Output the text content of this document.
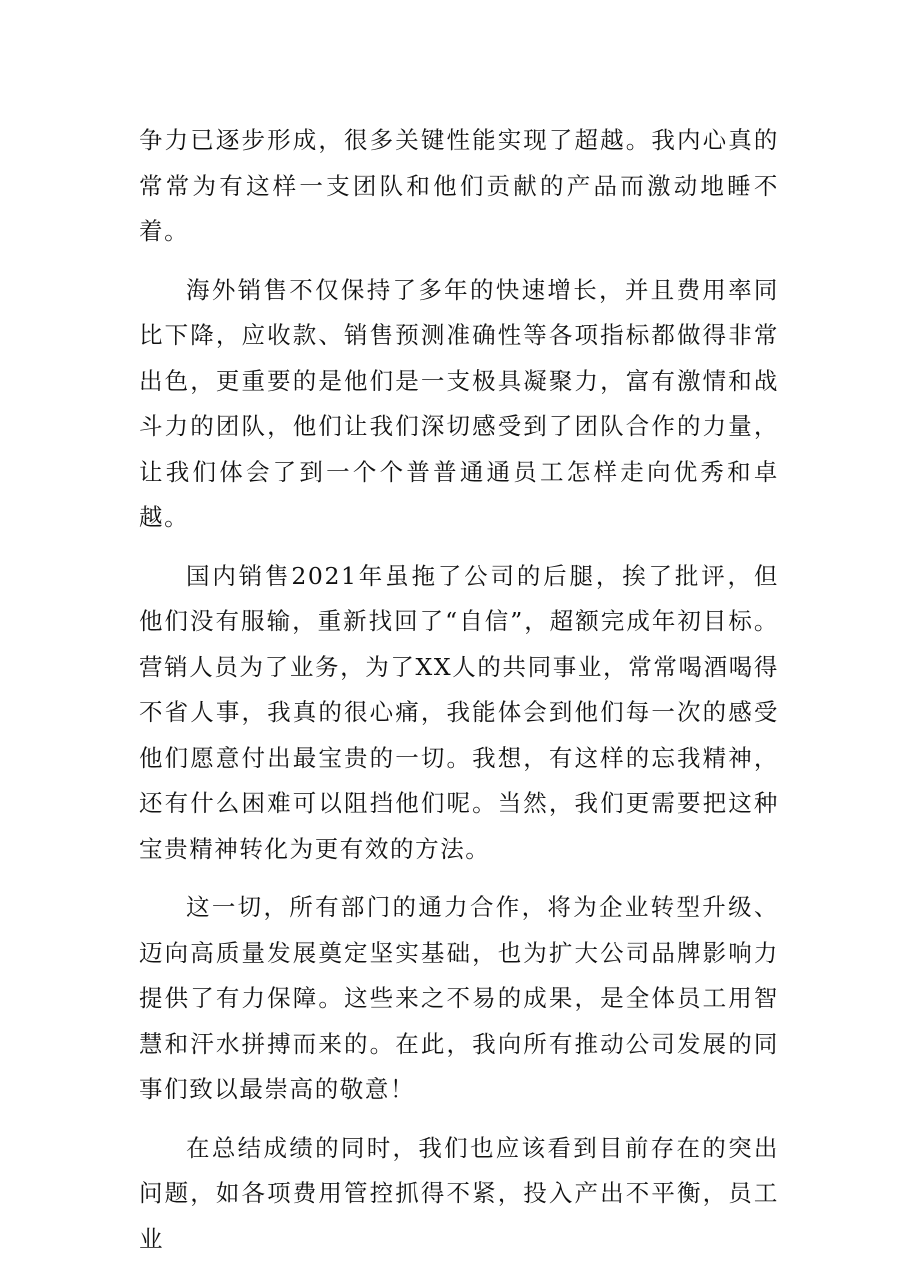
争力已逐步形成，很多关键性能实现了超越。我内心真的常常为有这样一支团队和他们贡献的产品而激动地睡不着。

海外销售不仅保持了多年的快速增长，并且费用率同比下降，应收款、销售预测准确性等各项指标都做得非常出色，更重要的是他们是一支极具凝聚力，富有激情和战斗力的团队，他们让我们深切感受到了团队合作的力量，让我们体会了到一个个普普通通员工怎样走向优秀和卓越。

国内销售2021年虽拖了公司的后腿，挨了批评，但他们没有服输，重新找回了“自信”，超额完成年初目标。营销人员为了业务，为了XX人的共同事业，常常喝酒喝得不省人事，我真的很心痛，我能体会到他们每一次的感受他们愿意付出最宝贵的一切。我想，有这样的忘我精神，还有什么困难可以阻挡他们呢。当然，我们更需要把这种宝贵精神转化为更有效的方法。

这一切，所有部门的通力合作，将为企业转型升级、迈向高质量发展奠定坚实基础，也为扩大公司品牌影响力提供了有力保障。这些来之不易的成果，是全体员工用智慧和汗水拼搏而来的。在此，我向所有推动公司发展的同事们致以最崇高的敬意！

在总结成绩的同时，我们也应该看到目前存在的突出问题，如各项费用管控抓得不紧，投入产出不平衡，员工业
